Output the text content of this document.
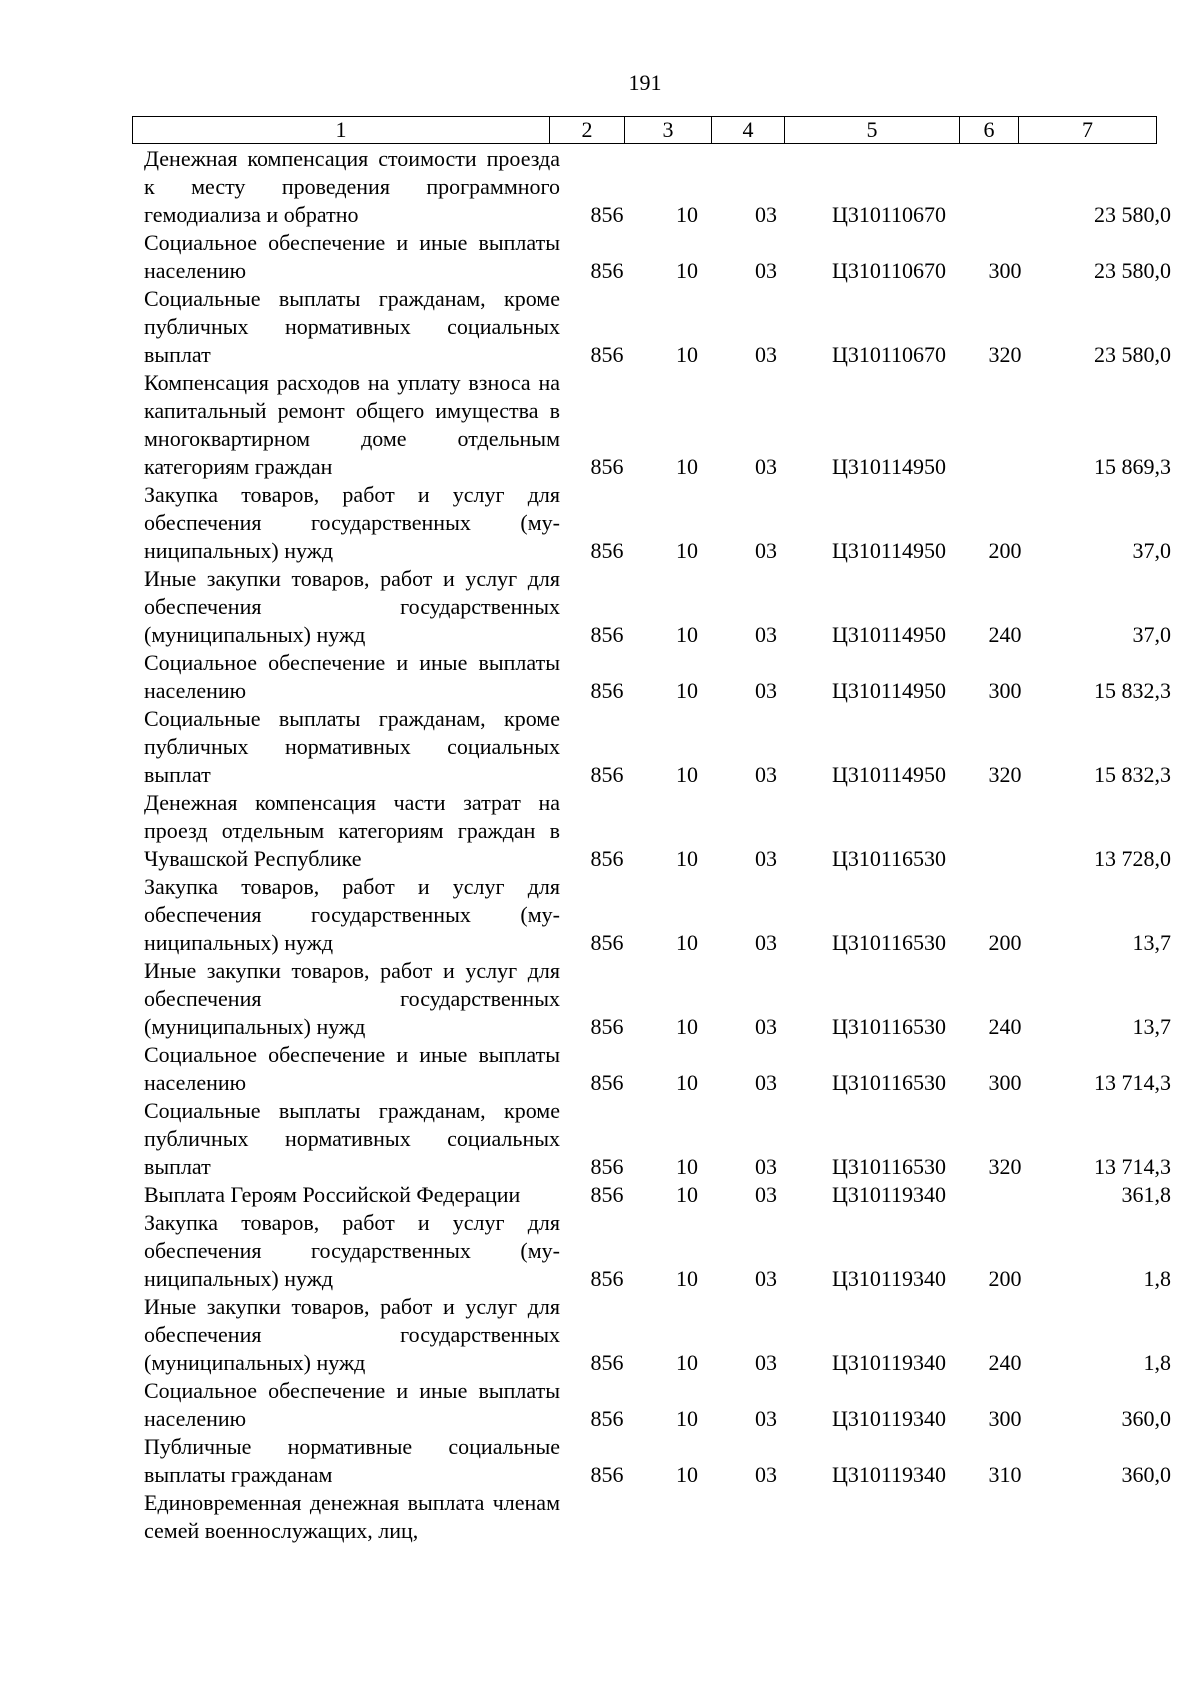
191
1	2	3	4	5	6	7
Денежная компенсация стоимости проезда к месту проведения программного гемодиализа и обратно	856	10	03	Ц310110670		23 580,0
Социальное обеспечение и иные выплаты населению	856	10	03	Ц310110670	300	23 580,0
Социальные выплаты гражданам, кроме публичных нормативных социальных выплат	856	10	03	Ц310110670	320	23 580,0
Компенсация расходов на уплату взноса на капитальный ремонт общего имущества в многоквартирном доме отдельным категориям граждан	856	10	03	Ц310114950		15 869,3
Закупка товаров, работ и услуг для обеспечения государственных (муниципальных) нужд	856	10	03	Ц310114950	200	37,0
Иные закупки товаров, работ и услуг для обеспечения государственных (муниципальных) нужд	856	10	03	Ц310114950	240	37,0
Социальное обеспечение и иные выплаты населению	856	10	03	Ц310114950	300	15 832,3
Социальные выплаты гражданам, кроме публичных нормативных социальных выплат	856	10	03	Ц310114950	320	15 832,3
Денежная компенсация части затрат на проезд отдельным категориям граждан в Чувашской Республике	856	10	03	Ц310116530		13 728,0
Закупка товаров, работ и услуг для обеспечения государственных (муниципальных) нужд	856	10	03	Ц310116530	200	13,7
Иные закупки товаров, работ и услуг для обеспечения государственных (муниципальных) нужд	856	10	03	Ц310116530	240	13,7
Социальное обеспечение и иные выплаты населению	856	10	03	Ц310116530	300	13 714,3
Социальные выплаты гражданам, кроме публичных нормативных социальных выплат	856	10	03	Ц310116530	320	13 714,3
Выплата Героям Российской Федерации	856	10	03	Ц310119340		361,8
Закупка товаров, работ и услуг для обеспечения государственных (муниципальных) нужд	856	10	03	Ц310119340	200	1,8
Иные закупки товаров, работ и услуг для обеспечения государственных (муниципальных) нужд	856	10	03	Ц310119340	240	1,8
Социальное обеспечение и иные выплаты населению	856	10	03	Ц310119340	300	360,0
Публичные нормативные социальные выплаты гражданам	856	10	03	Ц310119340	310	360,0
Единовременная денежная выплата членам семей военнослужащих, лиц,						
